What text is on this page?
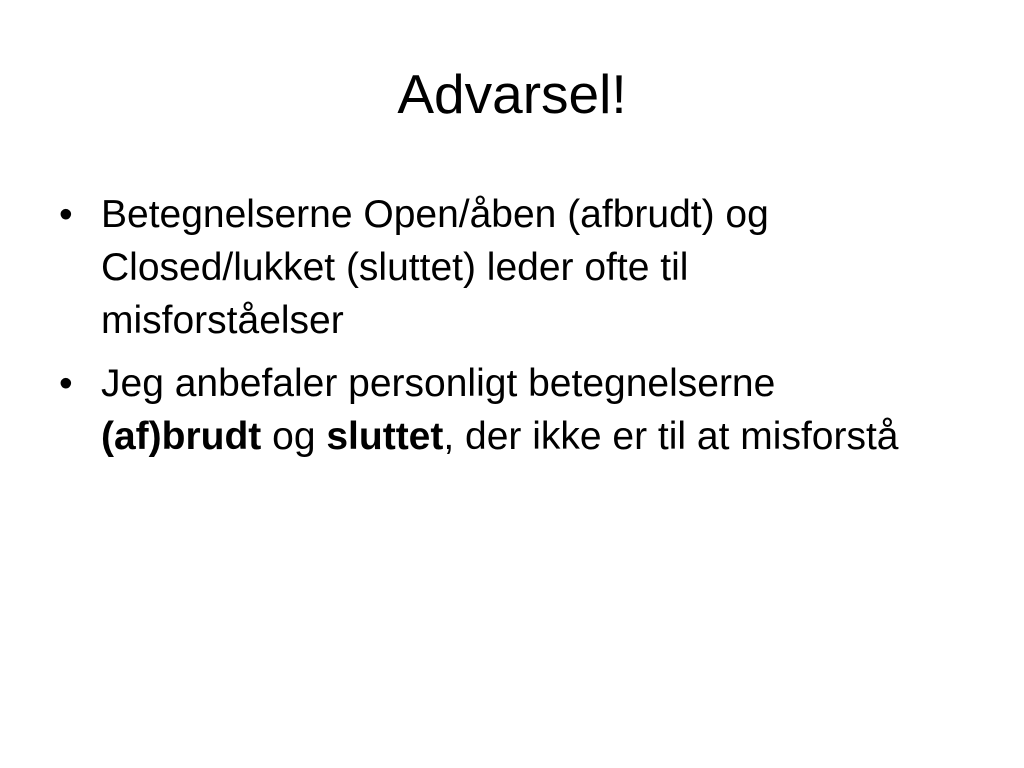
Advarsel!
• Betegnelserne Open/åben (afbrudt) og Closed/lukket (sluttet) leder ofte til misforståelser
• Jeg anbefaler personligt betegnelserne (af)brudt og sluttet, der ikke er til at misforstå
